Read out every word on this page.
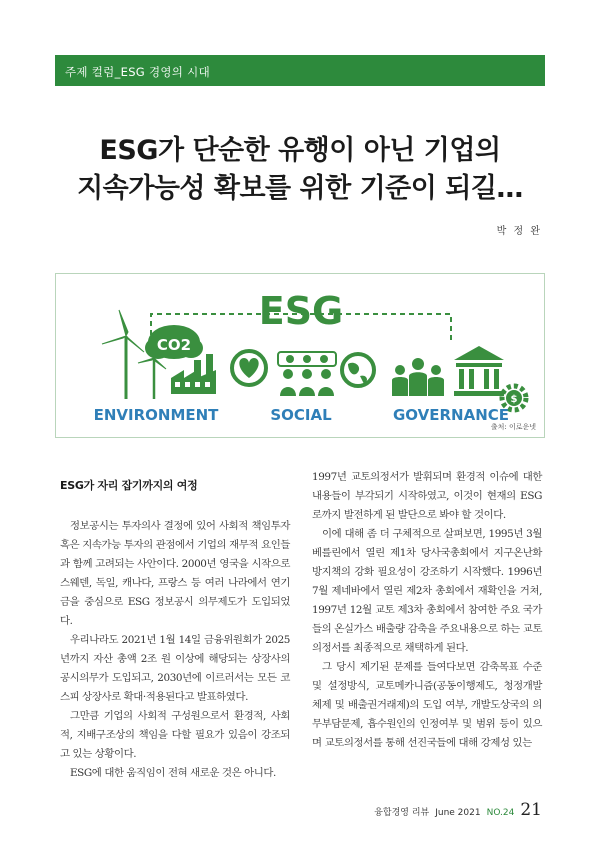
주제 컬럼_ESG 경영의 시대
ESG가 단순한 유행이 아닌 기업의
지속가능성 확보를 위한 기준이 되길…
박 정 완
ESG
CO2
ENVIRONMENT	SOCIAL
$
GOVERNANCE
출처: 이로운넷
ESG가 자리 잡기까지의 여정

정보공시는 투자의사 결정에 있어 사회적 책임투자 혹은 지속가능 투자의 관점에서 기업의 재무적 요인들과 함께 고려되는 사안이다. 2000년 영국을 시작으로 스웨덴, 독일, 캐나다, 프랑스 등 여러 나라에서 연기금을 중심으로 ESG 정보공시 의무제도가 도입되었다.

우리나라도 2021년 1월 14일 금융위원회가 2025년까지 자산 총액 2조 원 이상에 해당되는 상장사의 공시의무가 도입되고, 2030년에 이르러서는 모든 코스피 상장사로 확대·적용된다고 발표하였다.

그만큼 기업의 사회적 구성원으로서 환경적, 사회적, 지배구조상의 책임을 다할 필요가 있음이 강조되고 있는 상황이다.

ESG에 대한 움직임이 전혀 새로운 것은 아니다.

1997년 교토의정서가 발휘되며 환경적 이슈에 대한 내용들이 부각되기 시작하였고, 이것이 현재의 ESG로까지 발전하게 된 발단으로 봐야 할 것이다.

이에 대해 좀 더 구체적으로 살펴보면, 1995년 3월 베를린에서 열린 제1차 당사국총회에서 지구온난화 방지책의 강화 필요성이 강조하기 시작했다. 1996년 7월 제네바에서 열린 제2차 총회에서 재확인을 거쳐, 1997년 12월 교토 제3차 총회에서 참여한 주요 국가들의 온실가스 배출량 감축을 주요내용으로 하는 교토의정서를 최종적으로 채택하게 된다.

그 당시 제기된 문제를 들여다보면 감축목표 수준 및 설정방식, 교토메카니즘(공동이행제도, 청정개발체제 및 배출권거래제)의 도입 여부, 개발도상국의 의무부담문제, 흡수원인의 인정여부 및 범위 등이 있으며 교토의정서를 통해 선진국들에 대해 강제성 있는

융합경영 리뷰 June 2021 NO.24 21
